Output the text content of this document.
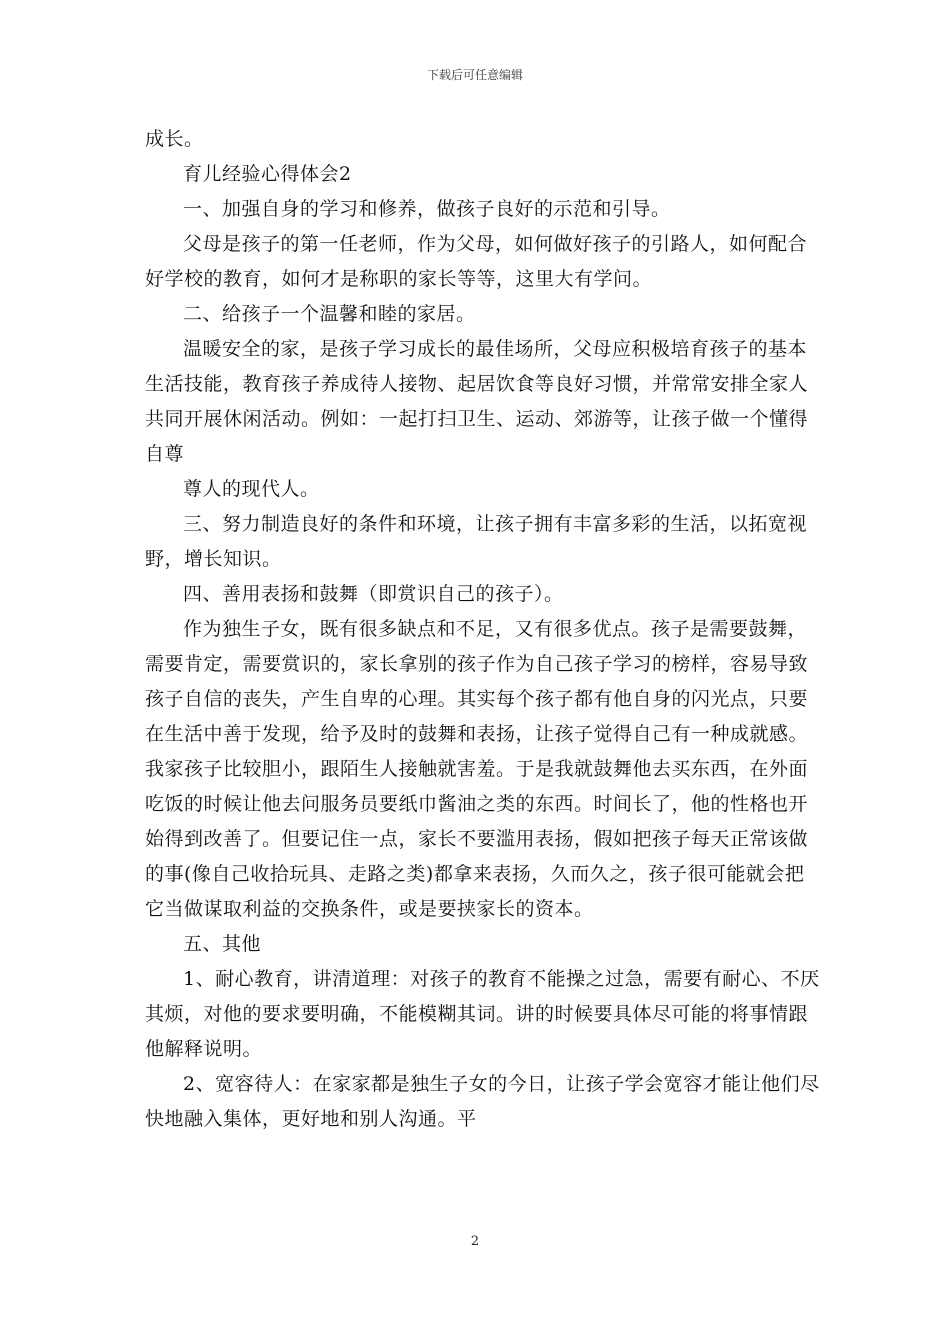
下载后可任意编辑
成长。
育儿经验心得体会2
一、加强自身的学习和修养，做孩子良好的示范和引导。
父母是孩子的第一任老师，作为父母，如何做好孩子的引路人，如何配合
好学校的教育，如何才是称职的家长等等，这里大有学问。
二、给孩子一个温馨和睦的家居。
温暖安全的家，是孩子学习成长的最佳场所，父母应积极培育孩子的基本
生活技能，教育孩子养成待人接物、起居饮食等良好习惯，并常常安排全家人
共同开展休闲活动。例如：一起打扫卫生、运动、郊游等，让孩子做一个懂得
自尊
尊人的现代人。
三、努力制造良好的条件和环境，让孩子拥有丰富多彩的生活，以拓宽视
野，增长知识。
四、善用表扬和鼓舞（即赏识自己的孩子）。
作为独生子女，既有很多缺点和不足，又有很多优点。孩子是需要鼓舞，
需要肯定，需要赏识的，家长拿别的孩子作为自己孩子学习的榜样，容易导致
孩子自信的丧失，产生自卑的心理。其实每个孩子都有他自身的闪光点，只要
在生活中善于发现，给予及时的鼓舞和表扬，让孩子觉得自己有一种成就感。
我家孩子比较胆小，跟陌生人接触就害羞。于是我就鼓舞他去买东西，在外面
吃饭的时候让他去问服务员要纸巾酱油之类的东西。时间长了，他的性格也开
始得到改善了。但要记住一点，家长不要滥用表扬，假如把孩子每天正常该做
的事(像自己收拾玩具、走路之类)都拿来表扬，久而久之，孩子很可能就会把
它当做谋取利益的交换条件，或是要挟家长的资本。
五、其他
1、耐心教育，讲清道理：对孩子的教育不能操之过急，需要有耐心、不厌
其烦，对他的要求要明确，不能模糊其词。讲的时候要具体尽可能的将事情跟
他解释说明。
2、宽容待人：在家家都是独生子女的今日，让孩子学会宽容才能让他们尽
快地融入集体，更好地和别人沟通。平
2
